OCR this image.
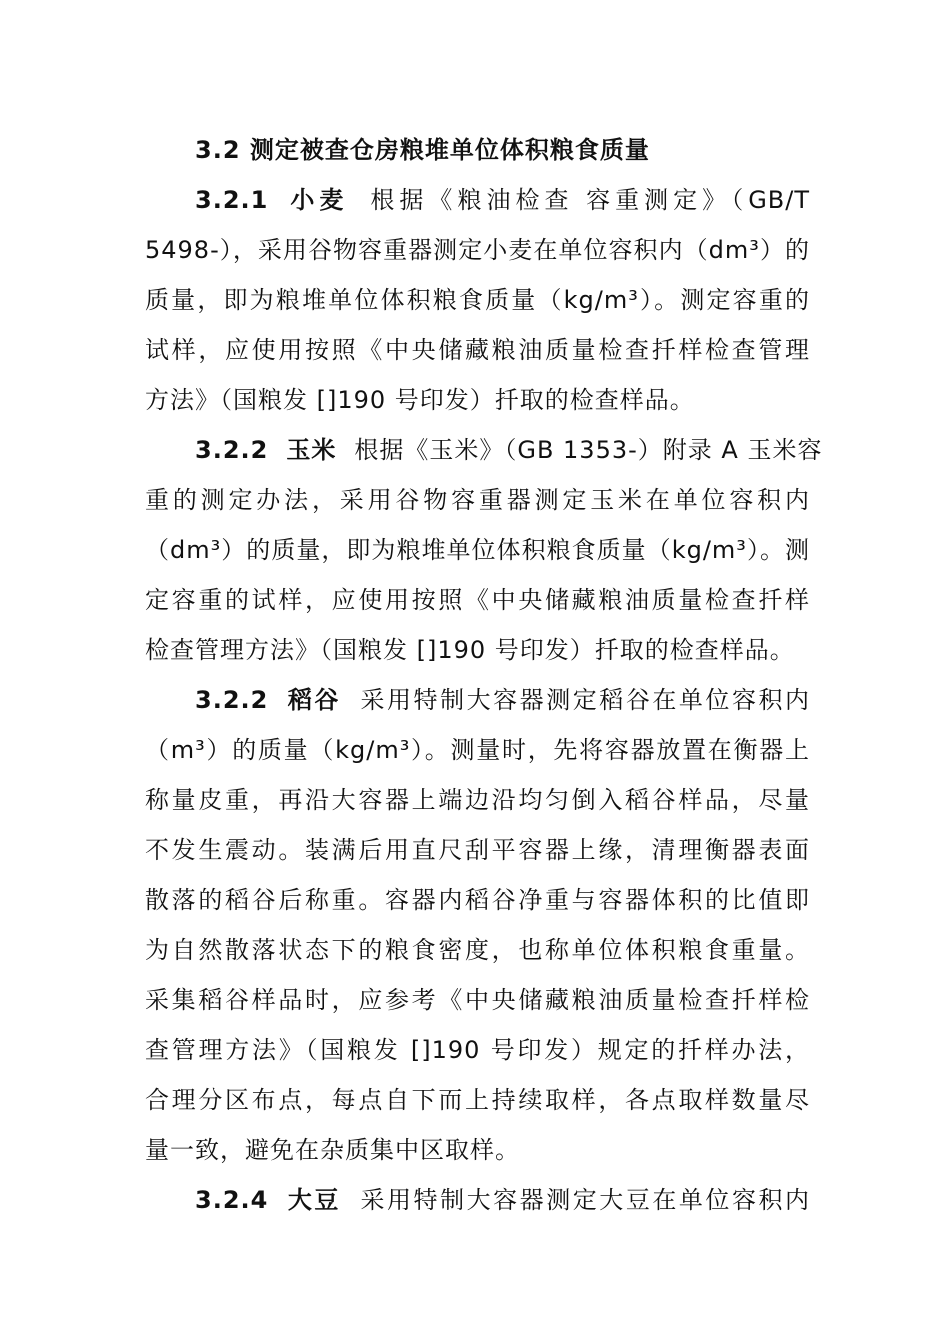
3.2 测定被查仓房粮堆单位体积粮食质量
3.2.1 小麦 根据《粮油检查 容重测定》（GB/T
5498-），采用谷物容重器测定小麦在单位容积内（dm³）的
质量，即为粮堆单位体积粮食质量（kg/m³）。测定容重的
试样，应使用按照《中央储藏粮油质量检查扦样检查管理
方法》（国粮发 []190 号印发）扦取的检查样品。
3.2.2 玉米 根据《玉米》（GB 1353-）附录 A 玉米容
重的测定办法，采用谷物容重器测定玉米在单位容积内
（dm³）的质量，即为粮堆单位体积粮食质量（kg/m³）。测
定容重的试样，应使用按照《中央储藏粮油质量检查扦样
检查管理方法》（国粮发 []190 号印发）扦取的检查样品。
3.2.2 稻谷 采用特制大容器测定稻谷在单位容积内
（m³）的质量（kg/m³）。测量时，先将容器放置在衡器上
称量皮重，再沿大容器上端边沿均匀倒入稻谷样品，尽量
不发生震动。装满后用直尺刮平容器上缘，清理衡器表面
散落的稻谷后称重。容器内稻谷净重与容器体积的比值即
为自然散落状态下的粮食密度，也称单位体积粮食重量。
采集稻谷样品时，应参考《中央储藏粮油质量检查扦样检
查管理方法》（国粮发 []190 号印发）规定的扦样办法，
合理分区布点，每点自下而上持续取样，各点取样数量尽
量一致，避免在杂质集中区取样。
3.2.4 大豆 采用特制大容器测定大豆在单位容积内
